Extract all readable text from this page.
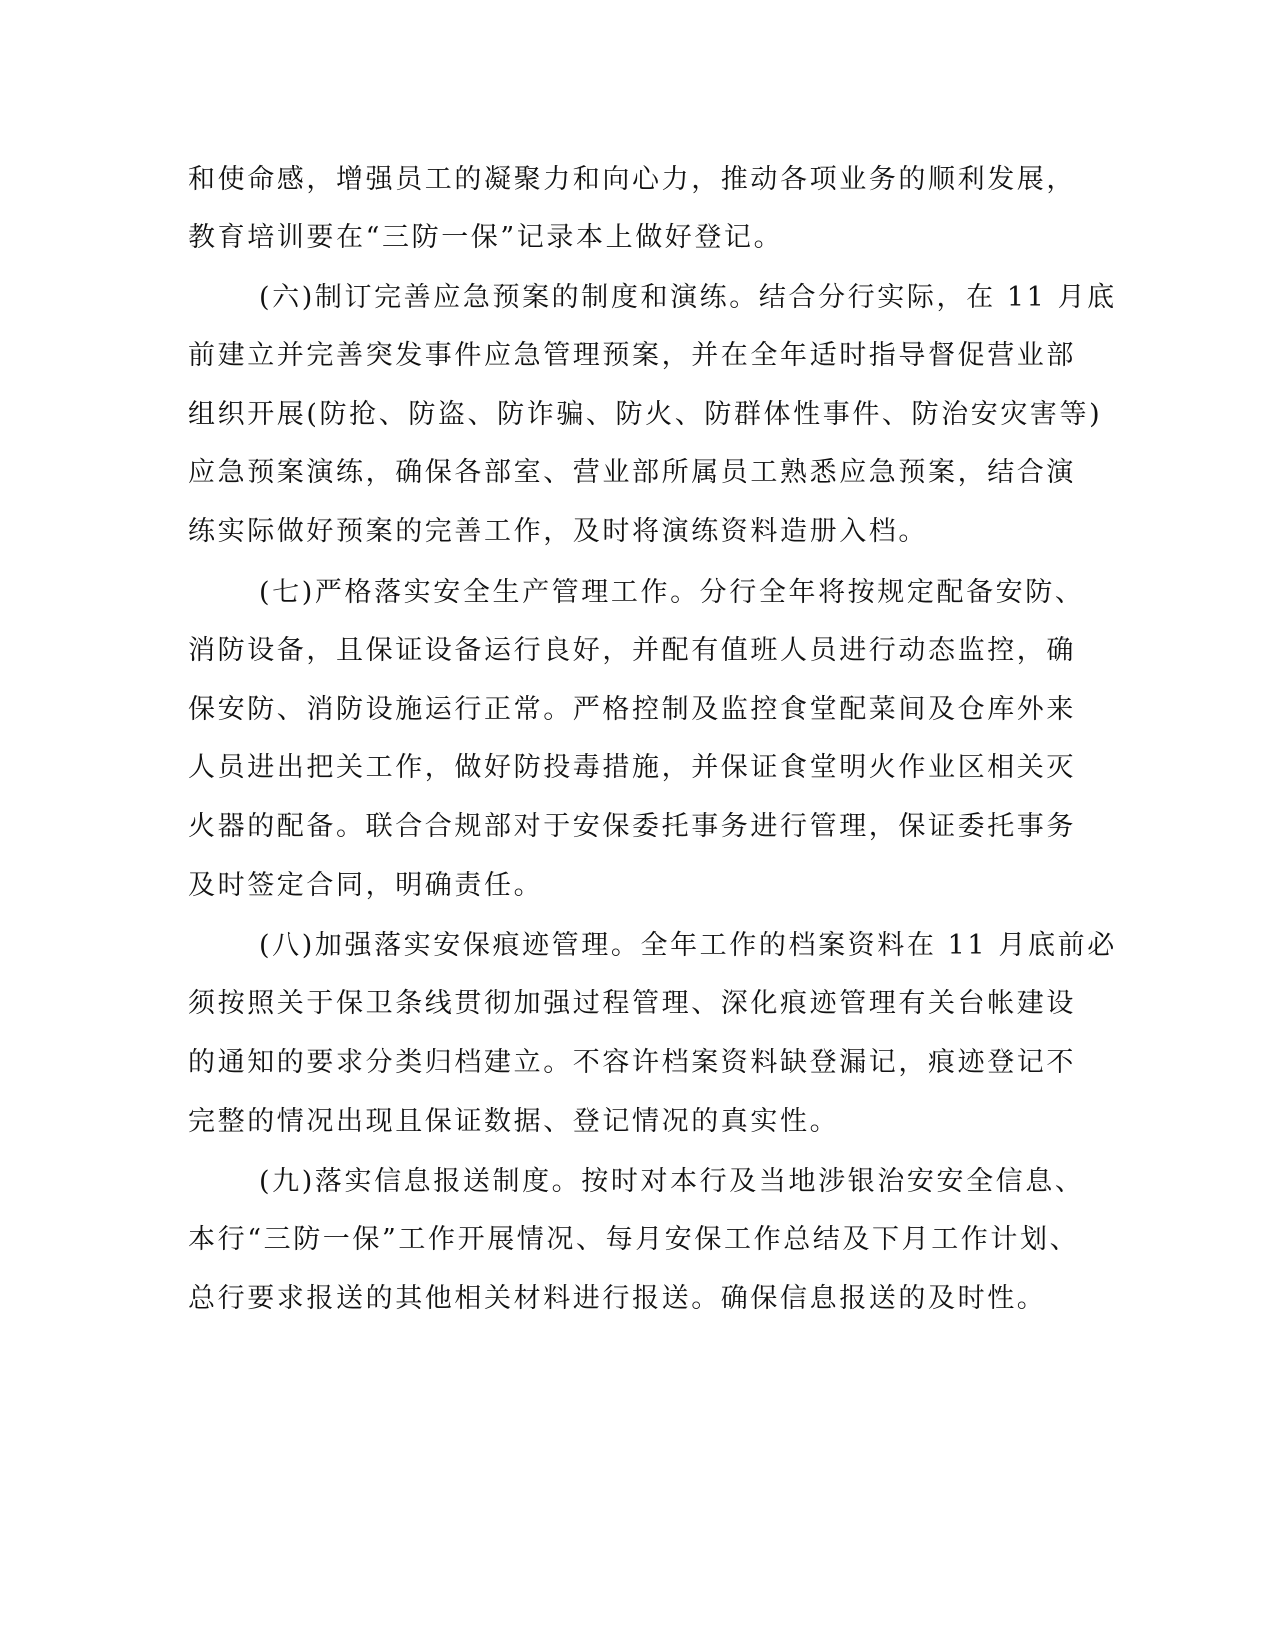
和使命感，增强员工的凝聚力和向心力，推动各项业务的顺利发展，
教育培训要在“三防一保”记录本上做好登记。
(六)制订完善应急预案的制度和演练。结合分行实际，在 11 月底
前建立并完善突发事件应急管理预案，并在全年适时指导督促营业部
组织开展(防抢、防盗、防诈骗、防火、防群体性事件、防治安灾害等)
应急预案演练，确保各部室、营业部所属员工熟悉应急预案，结合演
练实际做好预案的完善工作，及时将演练资料造册入档。
(七)严格落实安全生产管理工作。分行全年将按规定配备安防、
消防设备，且保证设备运行良好，并配有值班人员进行动态监控，确
保安防、消防设施运行正常。严格控制及监控食堂配菜间及仓库外来
人员进出把关工作，做好防投毒措施，并保证食堂明火作业区相关灭
火器的配备。联合合规部对于安保委托事务进行管理，保证委托事务
及时签定合同，明确责任。
(八)加强落实安保痕迹管理。全年工作的档案资料在 11 月底前必
须按照关于保卫条线贯彻加强过程管理、深化痕迹管理有关台帐建设
的通知的要求分类归档建立。不容许档案资料缺登漏记，痕迹登记不
完整的情况出现且保证数据、登记情况的真实性。
(九)落实信息报送制度。按时对本行及当地涉银治安安全信息、
本行“三防一保”工作开展情况、每月安保工作总结及下月工作计划、
总行要求报送的其他相关材料进行报送。确保信息报送的及时性。
